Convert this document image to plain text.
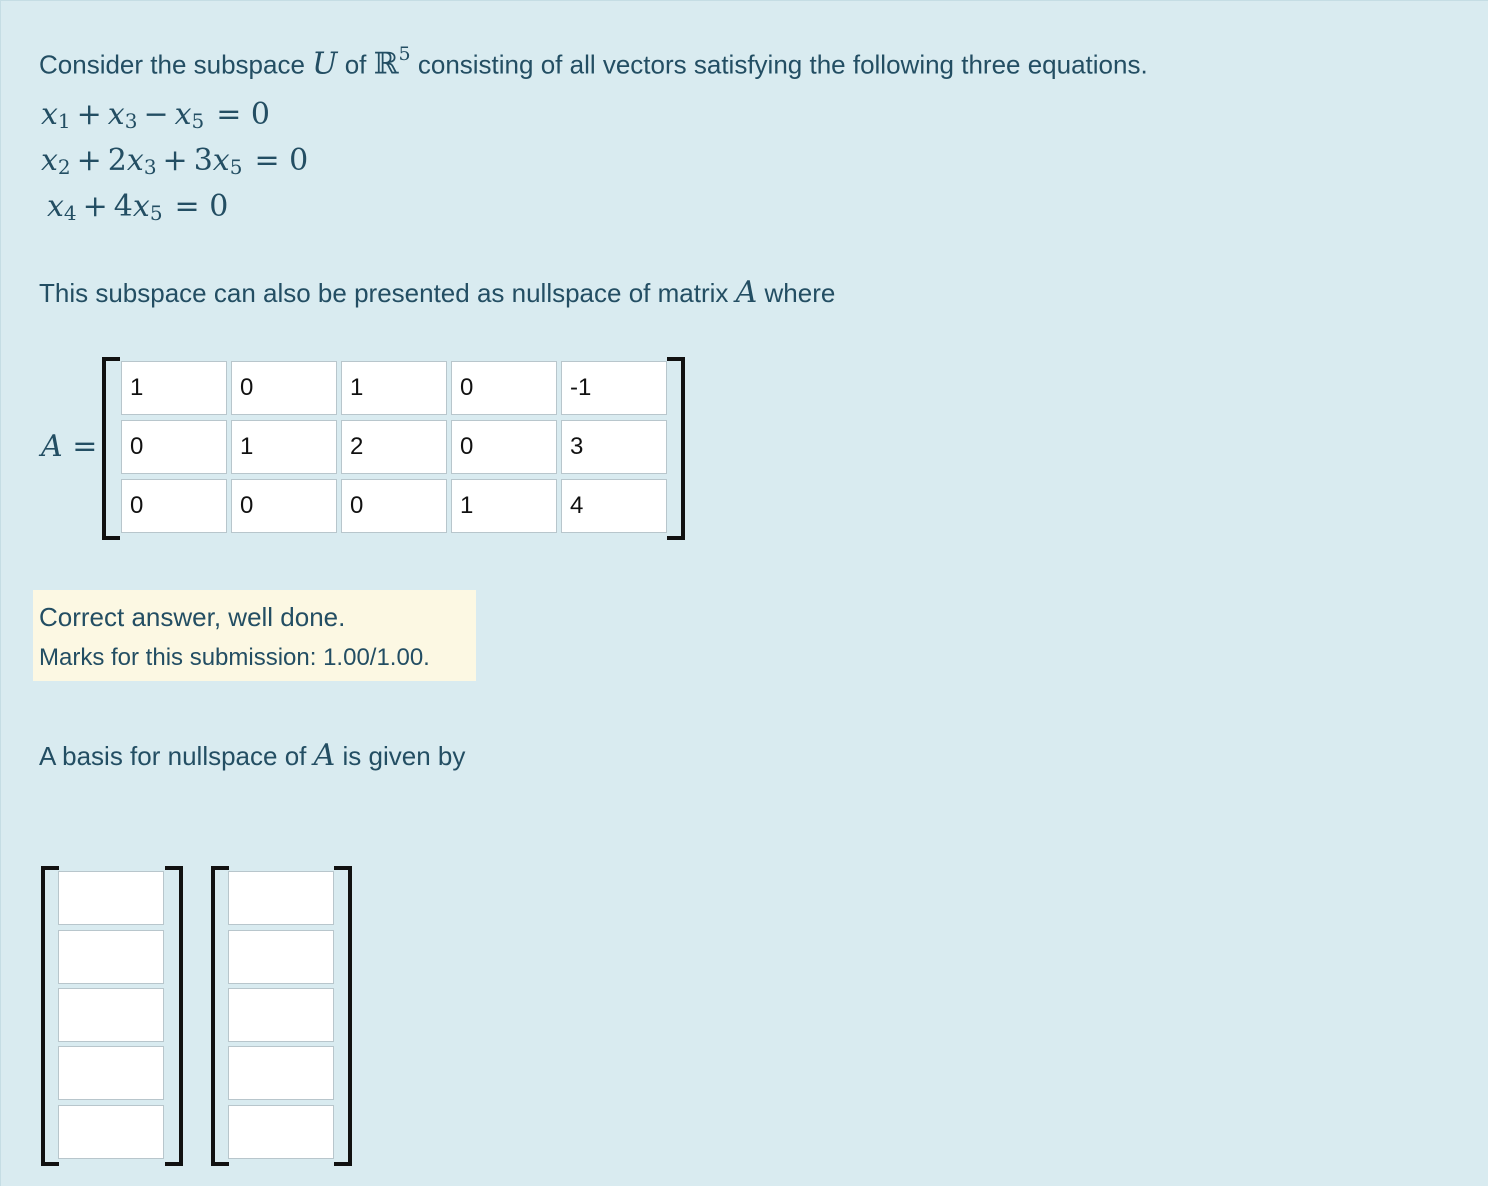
Consider the subspace U of ℝ$^5$ consisting of all vectors satisfying the following three equations.
$x_1 + x_3 - x_5 = 0$
$x_2 + 2x_3 + 3x_5 = 0$
$x_4 + 4x_5 = 0$
This subspace can also be presented as nullspace of matrix A where
A =
1	0	1	0	-1
0	1	2	0	3
0	0	0	1	4
Correct answer, well done.
Marks for this submission: 1.00/1.00.
A basis for nullspace of A is given by
